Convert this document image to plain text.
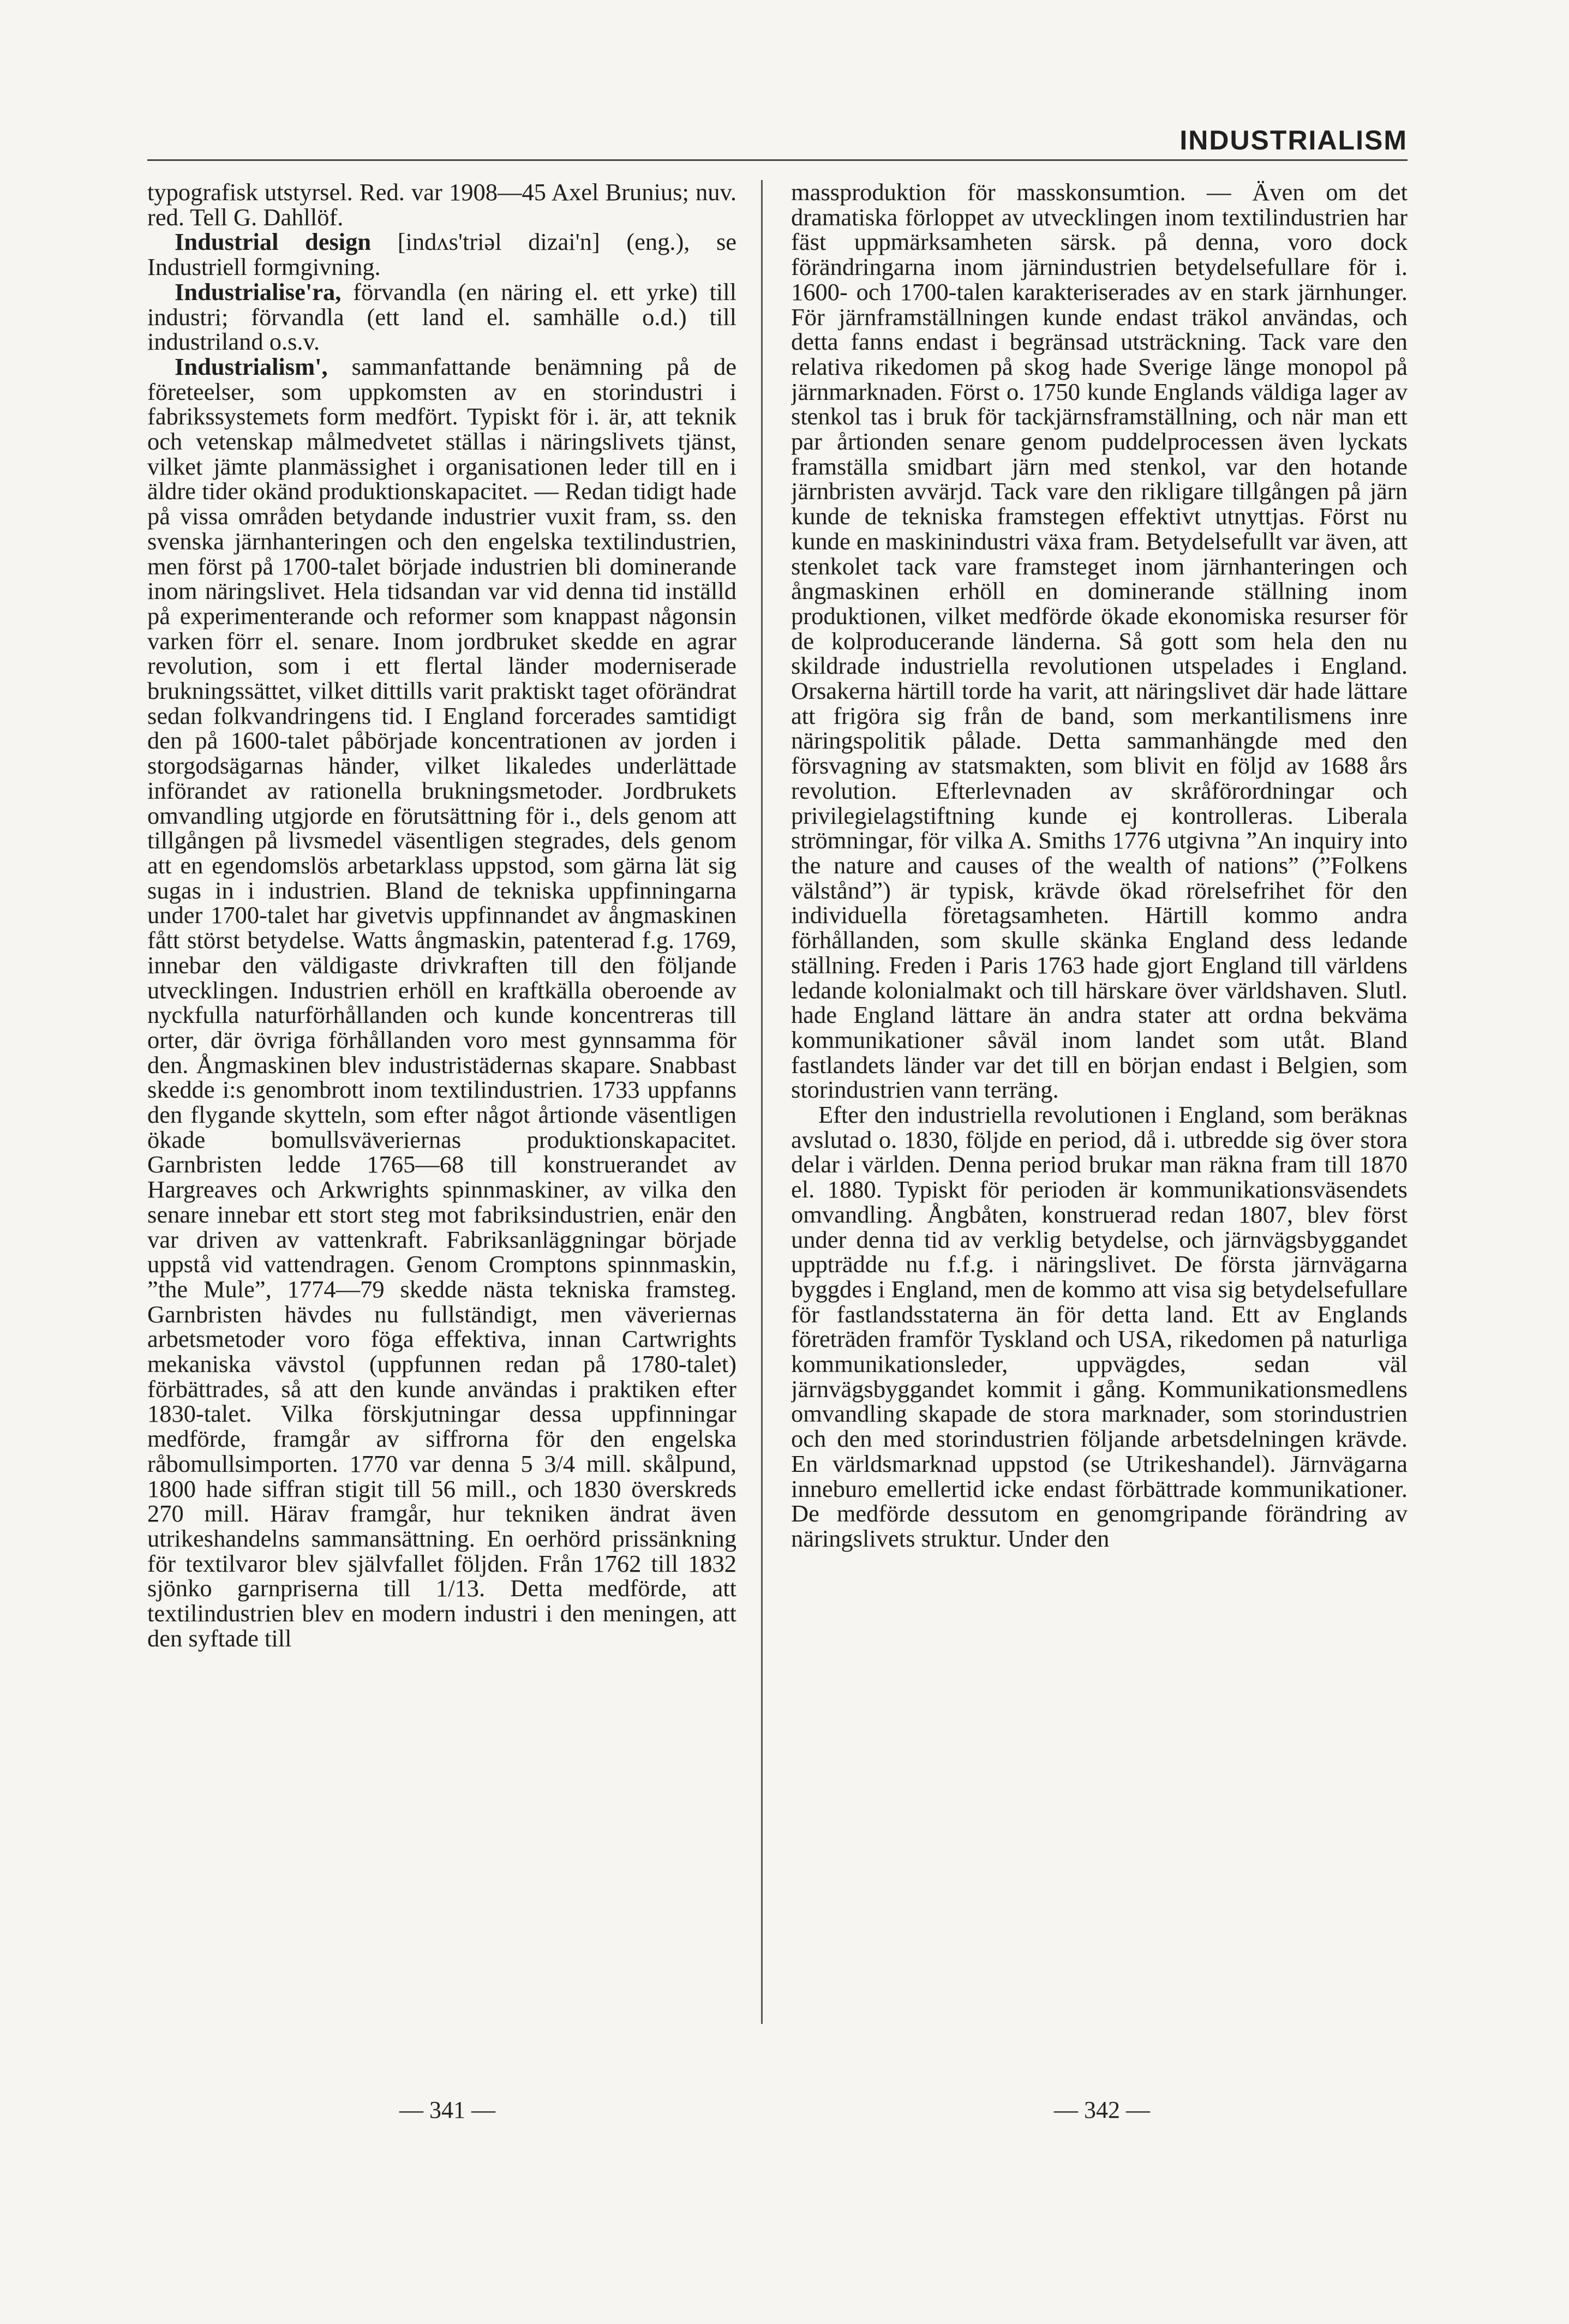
INDUSTRIALISM

typografisk utstyrsel. Red. var 1908—45 Axel Brunius; nuv. red. Tell G. Dahllöf.

Industrial design [indʌs'triəl dizai'n] (eng.), se Industriell formgivning.

Industrialise'ra, förvandla (en näring el. ett yrke) till industri; förvandla (ett land el. samhälle o.d.) till industriland o.s.v.

Industrialism', sammanfattande benämning på de företeelser, som uppkomsten av en storindustri i fabrikssystemets form medfört. Typiskt för i. är, att teknik och vetenskap målmedvetet ställas i näringslivets tjänst, vilket jämte planmässighet i organisationen leder till en i äldre tider okänd produktionskapacitet. — Redan tidigt hade på vissa områden betydande industrier vuxit fram, ss. den svenska järnhanteringen och den engelska textilindustrien, men först på 1700-talet började industrien bli dominerande inom näringslivet. Hela tidsandan var vid denna tid inställd på experimenterande och reformer som knappast någonsin varken förr el. senare. Inom jordbruket skedde en agrar revolution, som i ett flertal länder moderniserade brukningssättet, vilket dittills varit praktiskt taget oförändrat sedan folkvandringens tid. I England forcerades samtidigt den på 1600-talet påbörjade koncentrationen av jorden i storgodsägarnas händer, vilket likaledes underlättade införandet av rationella brukningsmetoder. Jordbrukets omvandling utgjorde en förutsättning för i., dels genom att tillgången på livsmedel väsentligen stegrades, dels genom att en egendomslös arbetarklass uppstod, som gärna lät sig sugas in i industrien. Bland de tekniska uppfinningarna under 1700-talet har givetvis uppfinnandet av ångmaskinen fått störst betydelse. Watts ångmaskin, patenterad f.g. 1769, innebar den väldigaste drivkraften till den följande utvecklingen. Industrien erhöll en kraftkälla oberoende av nyckfulla naturförhållanden och kunde koncentreras till orter, där övriga förhållanden voro mest gynnsamma för den. Ångmaskinen blev industristädernas skapare. Snabbast skedde i:s genombrott inom textilindustrien. 1733 uppfanns den flygande skytteln, som efter något årtionde väsentligen ökade bomullsväveriernas produktionskapacitet. Garnbristen ledde 1765—68 till konstruerandet av Hargreaves och Arkwrights spinnmaskiner, av vilka den senare innebar ett stort steg mot fabriksindustrien, enär den var driven av vattenkraft. Fabriksanläggningar började uppstå vid vattendragen. Genom Cromptons spinnmaskin, ”the Mule”, 1774—79 skedde nästa tekniska framsteg. Garnbristen hävdes nu fullständigt, men väveriernas arbetsmetoder voro föga effektiva, innan Cartwrights mekaniska vävstol (uppfunnen redan på 1780-talet) förbättrades, så att den kunde användas i praktiken efter 1830-talet. Vilka förskjutningar dessa uppfinningar medförde, framgår av siffrorna för den engelska råbomullsimporten. 1770 var denna 5 3/4 mill. skålpund, 1800 hade siffran stigit till 56 mill., och 1830 överskreds 270 mill. Härav framgår, hur tekniken ändrat även utrikeshandelns sammansättning. En oerhörd prissänkning för textilvaror blev självfallet följden. Från 1762 till 1832 sjönko garnpriserna till 1/13. Detta medförde, att textilindustrien blev en modern industri i den meningen, att den syftade till

massproduktion för masskonsumtion. — Även om det dramatiska förloppet av utvecklingen inom textilindustrien har fäst uppmärksamheten särsk. på denna, voro dock förändringarna inom järnindustrien betydelsefullare för i. 1600- och 1700-talen karakteriserades av en stark järnhunger. För järnframställningen kunde endast träkol användas, och detta fanns endast i begränsad utsträckning. Tack vare den relativa rikedomen på skog hade Sverige länge monopol på järnmarknaden. Först o. 1750 kunde Englands väldiga lager av stenkol tas i bruk för tackjärnsframställning, och när man ett par årtionden senare genom puddelprocessen även lyckats framställa smidbart järn med stenkol, var den hotande järnbristen avvärjd. Tack vare den rikligare tillgången på järn kunde de tekniska framstegen effektivt utnyttjas. Först nu kunde en maskinindustri växa fram. Betydelsefullt var även, att stenkolet tack vare framsteget inom järnhanteringen och ångmaskinen erhöll en dominerande ställning inom produktionen, vilket medförde ökade ekonomiska resurser för de kolproducerande länderna. Så gott som hela den nu skildrade industriella revolutionen utspelades i England. Orsakerna härtill torde ha varit, att näringslivet där hade lättare att frigöra sig från de band, som merkantilismens inre näringspolitik pålade. Detta sammanhängde med den försvagning av statsmakten, som blivit en följd av 1688 års revolution. Efterlevnaden av skråförordningar och privilegielagstiftning kunde ej kontrolleras. Liberala strömningar, för vilka A. Smiths 1776 utgivna ”An inquiry into the nature and causes of the wealth of nations” (”Folkens välstånd”) är typisk, krävde ökad rörelsefrihet för den individuella företagsamheten. Härtill kommo andra förhållanden, som skulle skänka England dess ledande ställning. Freden i Paris 1763 hade gjort England till världens ledande kolonialmakt och till härskare över världshaven. Slutl. hade England lättare än andra stater att ordna bekväma kommunikationer såväl inom landet som utåt. Bland fastlandets länder var det till en början endast i Belgien, som storindustrien vann terräng.

Efter den industriella revolutionen i England, som beräknas avslutad o. 1830, följde en period, då i. utbredde sig över stora delar i världen. Denna period brukar man räkna fram till 1870 el. 1880. Typiskt för perioden är kommunikationsväsendets omvandling. Ångbåten, konstruerad redan 1807, blev först under denna tid av verklig betydelse, och järnvägsbyggandet uppträdde nu f.f.g. i näringslivet. De första järnvägarna byggdes i England, men de kommo att visa sig betydelsefullare för fastlandsstaterna än för detta land. Ett av Englands företräden framför Tyskland och USA, rikedomen på naturliga kommunikationsleder, uppvägdes, sedan väl järnvägsbyggandet kommit i gång. Kommunikationsmedlens omvandling skapade de stora marknader, som storindustrien och den med storindustrien följande arbetsdelningen krävde. En världsmarknad uppstod (se Utrikeshandel). Järnvägarna inneburo emellertid icke endast förbättrade kommunikationer. De medförde dessutom en genomgripande förändring av näringslivets struktur. Under den

— 341 —	— 342 —
